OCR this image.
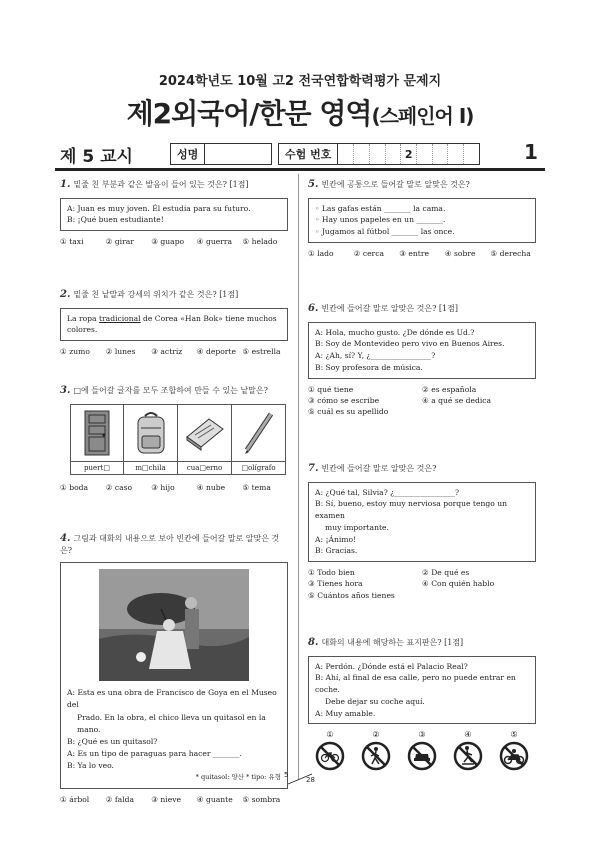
2024학년도 10월 고2 전국연합학력평가 문제지
제2외국어/한문 영역(스페인어 I)
제 5 교시	성명	수험 번호	2	1
1. 밑줄 친 부분과 같은 발음이 들어 있는 것은? [1점]
A: Juan es muy joven. Él estudia para su futuro.
B: ¡Qué buen estudiante!
① taxi	② girar	③ guapo	④ guerra	⑤ helado
2. 밑줄 친 낱말과 강세의 위치가 같은 것은? [1점]
La ropa tradicional de Corea «Han Bok» tiene muchos colores.
① zumo	② lunes	③ actriz	④ deporte ⑤ estrella
3. □에 들어갈 글자를 모두 조합하여 만들 수 있는 낱말은?
puert□	m□chila	cua□erno	□olígrafo
① boda	② caso	③ hijo	④ nube	⑤ tema
4. 그림과 대화의 내용으로 보아 빈칸에 들어갈 말로 알맞은 것은?
A: Esta es una obra de Francisco de Goya en el Museo del
Prado. En la obra, el chico lleva un quitasol en la mano.
B: ¿Qué es un quitasol?
A: Es un tipo de paraguas para hacer _______.
B: Ya lo veo.
* quitasol: 양산 * tipo: 유형
① árbol	② falda	③ nieve	④ guante	⑤ sombra
5. 빈칸에 공통으로 들어갈 말로 알맞은 것은?
◦ Las gafas están _______ la cama.
◦ Hay unos papeles en un _______.
◦ Jugamos al fútbol _______ las once.
① lado	② cerca	③ entre	④ sobre	⑤ derecha
6. 빈칸에 들어갈 말로 알맞은 것은? [1점]
A: Hola, mucho gusto. ¿De dónde es Ud.?
B: Soy de Montevideo pero vivo en Buenos Aires.
A: ¿Ah, sí? Y, ¿________________?
B: Soy profesora de música.
① qué tiene	② es española
③ cómo se escribe	④ a qué se dedica
⑤ cuál es su apellido
7. 빈칸에 들어갈 말로 알맞은 것은?
A: ¿Qué tal, Silvia? ¿________________?
B: Sí, bueno, estoy muy nerviosa porque tengo un examen
muy importante.
A: ¡Ánimo!
B: Gracias.
① Todo bien	② De qué es
③ Tienes hora	④ Con quién hablo
⑤ Cuántos años tienes
8. 대화의 내용에 해당하는 표지판은? [1점]
A: Perdón. ¿Dónde está el Palacio Real?
B: Ahí, al final de esa calle, pero no puede entrar en coche.
Debe dejar su coche aquí.
A: Muy amable.
①	②	③	④	⑤
5
28
